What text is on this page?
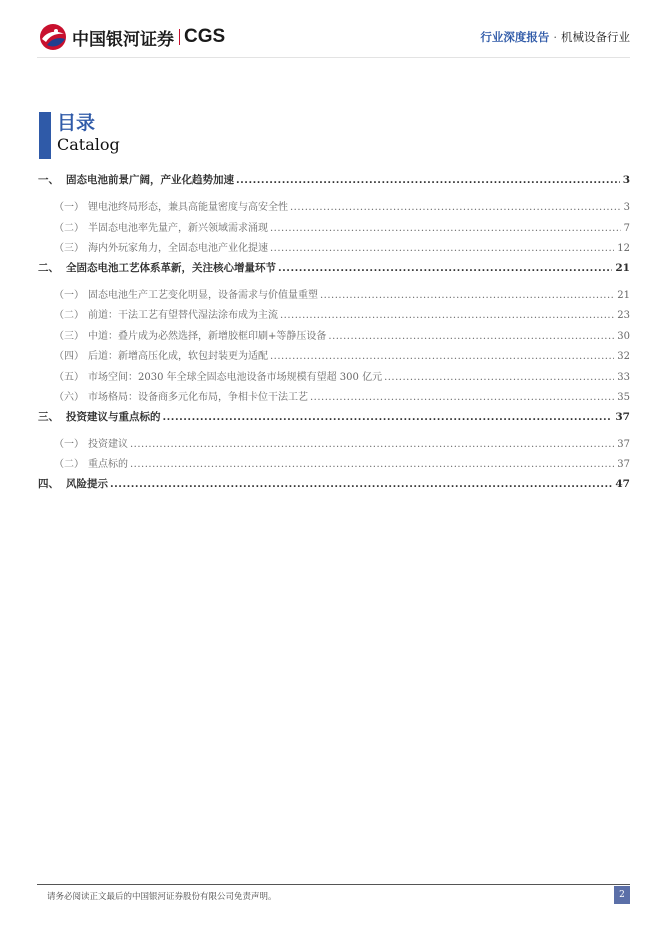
中国银河证券 CGS	行业深度报告 · 机械设备行业
目录
Catalog
一、 固态电池前景广阔，产业化趋势加速 .....	3
（一） 锂电池终局形态，兼具高能量密度与高安全性 .....	3
（二） 半固态电池率先量产，新兴领域需求涌现 .....	7
（三） 海内外玩家角力，全固态电池产业化提速 .....	12
二、 全固态电池工艺体系革新，关注核心增量环节 .....	21
（一） 固态电池生产工艺变化明显，设备需求与价值量重塑 .....	21
（二） 前道：干法工艺有望替代湿法涂布成为主流 .....	23
（三） 中道：叠片成为必然选择，新增胶框印刷+等静压设备 .....	30
（四） 后道：新增高压化成，软包封装更为适配 .....	32
（五） 市场空间：2030 年全球全固态电池设备市场规模有望超 300 亿元 .....	33
（六） 市场格局：设备商多元化布局，争相卡位干法工艺 .....	35
三、 投资建议与重点标的 .....	37
（一） 投资建议 .....	37
（二） 重点标的 .....	37
四、 风险提示 .....	47
请务必阅读正文最后的中国银河证券股份有限公司免责声明。	2
